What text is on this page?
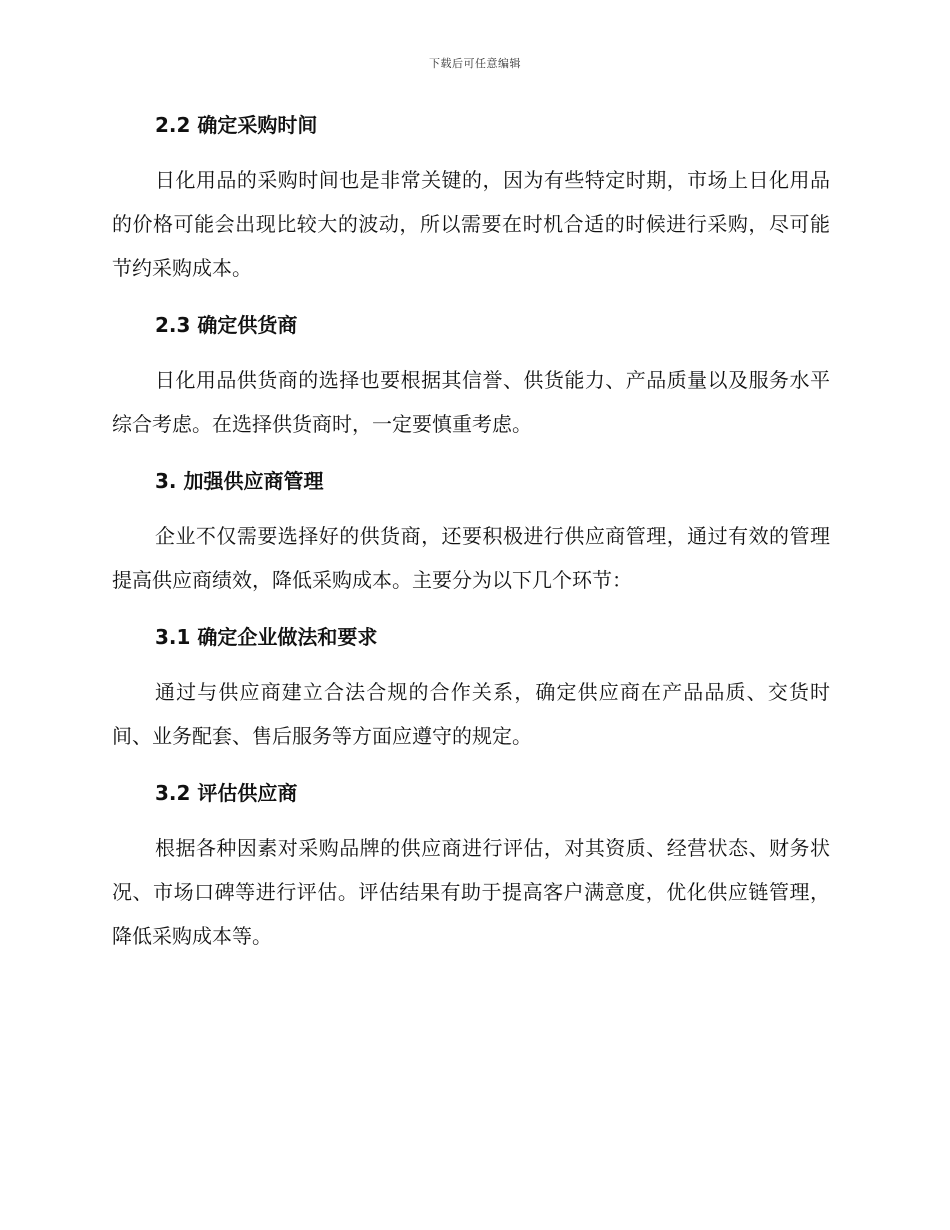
下载后可任意编辑
2.2 确定采购时间

日化用品的采购时间也是非常关键的，因为有些特定时期，市场上日化用品的价格可能会出现比较大的波动，所以需要在时机合适的时候进行采购，尽可能节约采购成本。

2.3 确定供货商

日化用品供货商的选择也要根据其信誉、供货能力、产品质量以及服务水平综合考虑。在选择供货商时，一定要慎重考虑。

3. 加强供应商管理

企业不仅需要选择好的供货商，还要积极进行供应商管理，通过有效的管理提高供应商绩效，降低采购成本。主要分为以下几个环节：

3.1 确定企业做法和要求

通过与供应商建立合法合规的合作关系，确定供应商在产品品质、交货时间、业务配套、售后服务等方面应遵守的规定。

3.2 评估供应商

根据各种因素对采购品牌的供应商进行评估，对其资质、经营状态、财务状况、市场口碑等进行评估。评估结果有助于提高客户满意度，优化供应链管理，降低采购成本等。
